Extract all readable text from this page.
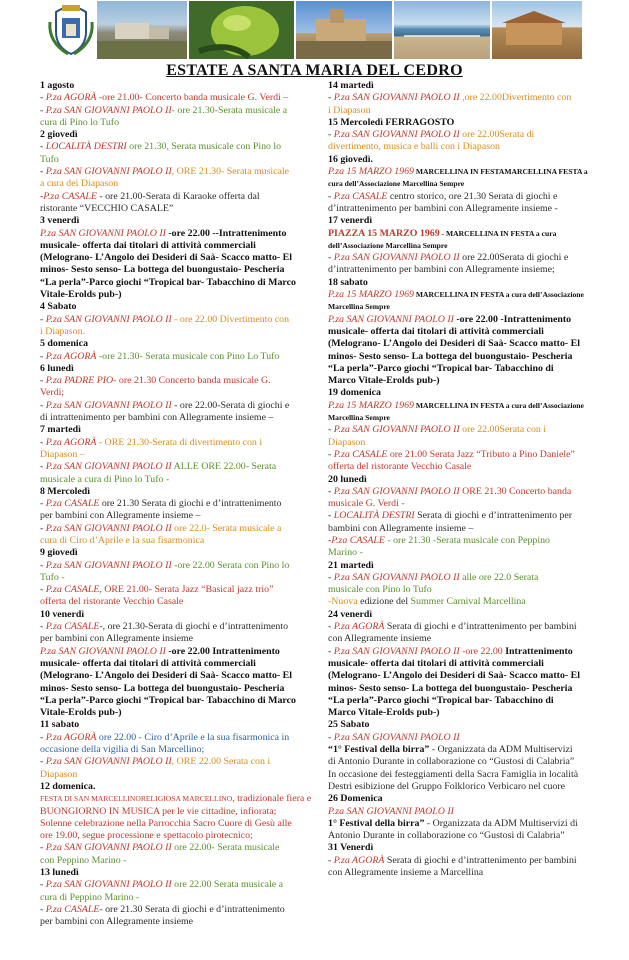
ESTATE A SANTA MARIA DEL CEDRO
1 agosto
- P.za AGORÀ -ore 21.00- Concerto banda musicale G. Verdi –
- P.za SAN GIOVANNI PAOLO II- ore 21.30-Serata musicale a
cura di Pino lo Tufo
2 giovedì
- LOCALITÀ DESTRI ore 21.30, Serata musicale con Pino lo
Tufo
- P.za SAN GIOVANNI PAOLO II, ORE 21.30- Serata musicale
a cura dei Diapason
-P.za CASALE - ore 21.00-Serata di Karaoke offerta dal
ristorante “VECCHIO CASALE”
3 venerdì
P.za SAN GIOVANNI PAOLO II -ore 22.00 --Intrattenimento
musicale- offerta dai titolari di attività commerciali
(Melograno- L’Angolo dei Desideri di Saà- Scacco matto- El
minos- Sesto senso- La bottega del buongustaio- Pescheria
“La perla”-Parco giochi “Tropical bar- Tabacchino di Marco
Vitale-Erolds pub-)
4 Sabato
- P.za SAN GIOVANNI PAOLO II - ore 22.00 Divertimento con
i Diapason.
5 domenica
- P.za AGORÀ -ore 21.30- Serata musicale con Pino Lo Tufo
6 lunedì
- P.za PADRE PIO- ore 21.30 Concerto banda musicale G.
Verdi;
- P.za SAN GIOVANNI PAOLO II - ore 22.00-Serata di giochi e
di intrattenimento per bambini con Allegramente insieme –
7 martedì
- P.za AGORÀ - ORE 21.30-Serata di divertimento con i
Diapason –
- P.za SAN GIOVANNI PAOLO II ALLE ORE 22.00- Serata
musicale a cura di Pino lo Tufo -
8 Mercoledì
- P.za CASALE ore 21.30 Serata di giochi e d’intrattenimento
per bambini con Allegramente insieme –
- P.za SAN GIOVANNI PAOLO II ore 22.0- Serata musicale a
cura di Ciro d’Aprile e la sua fisarmonica
9 giovedì
- P.za SAN GIOVANNI PAOLO II -ore 22.00 Serata con Pino lo
Tufo -
- P.za CASALE, ORE 21.00- Serata Jazz “Basical jazz trio”
offerta del ristorante Vecchio Casale
10 venerdì
- P.za CASALE-, ore 21.30-Serata di giochi e d’intrattenimento
per bambini con Allegramente insieme
P.za SAN GIOVANNI PAOLO II -ore 22.00 Intrattenimento
musicale- offerta dai titolari di attività commerciali
(Melograno- L’Angolo dei Desideri di Saà- Scacco matto- El
minos- Sesto senso- La bottega del buongustaio- Pescheria
“La perla”-Parco giochi “Tropical bar- Tabacchino di Marco
Vitale-Erolds pub-)
11 sabato
- P.za AGORÀ ore 22.00 - Ciro d’Aprile e la sua fisarmonica in
occasione della vigilia di San Marcellino;
- P.za SAN GIOVANNI PAOLO II, ORE 22.00 Serata con i
Diapason
12 domenica.
FESTA DI SAN MARCELLINORELIGIOSA MARCELLINO, tradizionale fiera e
BUONGIORNO IN MUSICA per le vie cittadine, infiorata;
Solenne celebrazione nella Parrocchia Sacro Cuore di Gesù alle
ore 19.00, segue processione e spettacolo pirotecnico;
- P.za SAN GIOVANNI PAOLO II ore 22.00- Serata musicale
con Peppino Marino -
13 lunedì
- P.za SAN GIOVANNI PAOLO II ore 22.00 Serata musicale a
cura di Peppino Marino -
- P.za CASALE- ore 21.30 Serata di giochi e d’intrattenimento
per bambini con Allegramente insieme
14 martedì
- P.za SAN GIOVANNI PAOLO II ,ore 22.00Divertimento con
i Diapason
15 Mercoledì FERRAGOSTO
- P.za SAN GIOVANNI PAOLO II ore 22.00Serata di
divertimento, musica e balli con i Diapason
16 giovedì.
P.za 15 MARZO 1969 MARCELLINA IN FESTAMARCELLINA FESTA a
cura dell’Associazione Marcellina Sempre
- P.za CASALE centro storico, ore 21.30 Serata di giochi e
d’intrattenimento per bambini con Allegramente insieme -
17 venerdì
PIAZZA 15 MARZO 1969 - MARCELLINA IN FESTA a cura
dell’Associazione Marcellina Sempre
- P.za SAN GIOVANNI PAOLO II ore 22.00Serata di giochi e
d’intrattenimento per bambini con Allegramente insieme;
18 sabato
P.za 15 MARZO 1969 MARCELLINA IN FESTA a cura dell’Associazione
Marcellina Sempre
P.za SAN GIOVANNI PAOLO II -ore 22.00 -Intrattenimento
musicale- offerta dai titolari di attività commerciali
(Melograno- L’Angolo dei Desideri di Saà- Scacco matto- El
minos- Sesto senso- La bottega del buongustaio- Pescheria
“La perla”-Parco giochi “Tropical bar- Tabacchino di
Marco Vitale-Erolds pub-)
19 domenica
P.za 15 MARZO 1969 MARCELLINA IN FESTA a cura dell’Associazione
Marcellina Sempre
- P.za SAN GIOVANNI PAOLO II ore 22.00Serata con i
Diapason
- P.za CASALE ore 21.00 Serata Jazz “Tributo a Pino Daniele”
offerta del ristorante Vecchio Casale
20 lunedì
- P.za SAN GIOVANNI PAOLO II ORE 21.30 Concerto banda
musicale G. Verdi -
- LOCALITÀ DESTRI Serata di giochi e d’intrattenimento per
bambini con Allegramente insieme –
-P.za CASALE - ore 21.30 -Serata musicale con Peppino
Marino -
21 martedì
- P.za SAN GIOVANNI PAOLO II alle ore 22.0 Serata
musicale con Pino lo Tufo
-Nuova edizione del Summer Carnival Marcellina
24 venerdì
- P.za AGORÀ Serata di giochi e d’intrattenimento per bambini
con Allegramente insieme
- P.za SAN GIOVANNI PAOLO II -ore 22.00 Intrattenimento
musicale- offerta dai titolari di attività commerciali
(Melograno- L’Angolo dei Desideri di Saà- Scacco matto- El
minos- Sesto senso- La bottega del buongustaio- Pescheria
“La perla”-Parco giochi “Tropical bar- Tabacchino di
Marco Vitale-Erolds pub-)
25 Sabato
- P.za SAN GIOVANNI PAOLO II
“1° Festival della birra” - Organizzata da ADM Multiservizi
di Antonio Durante in collaborazione co “Gustosi di Calabria”
In occasione dei festeggiamenti della Sacra Famiglia in località
Destri esibizione del Gruppo Folklorico Verbicaro nel cuore
26 Domenica
P.za SAN GIOVANNI PAOLO II
1° Festival della birra” - Organizzata da ADM Multiservizi di
Antonio Durante in collaborazione co “Gustosi di Calabria”
31 Venerdì
- P.za AGORÀ Serata di giochi e d’intrattenimento per bambini
con Allegramente insieme a Marcellina
